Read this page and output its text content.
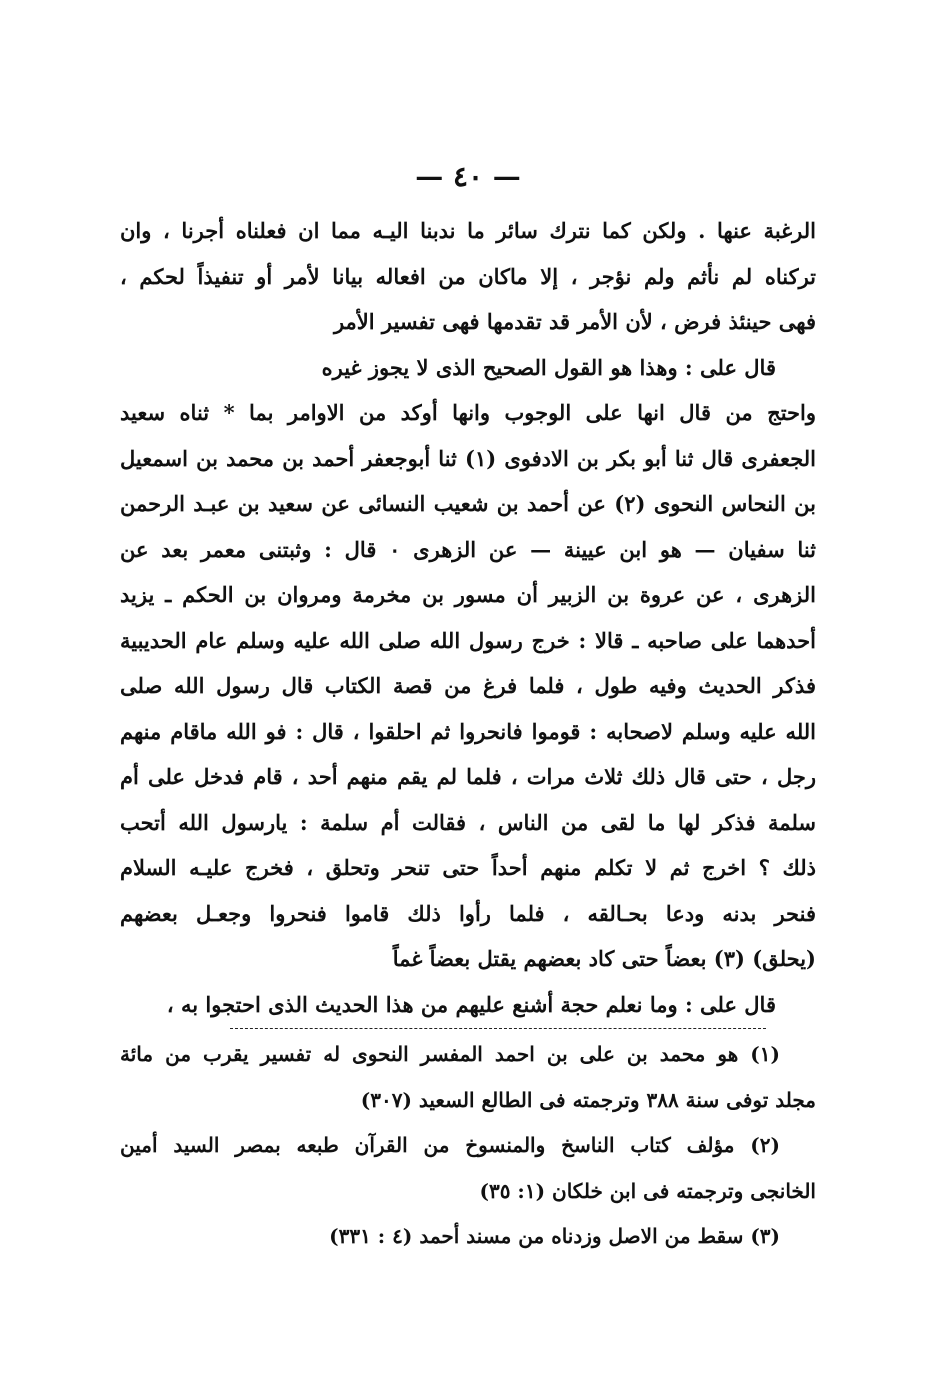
— ٤٠ —
الرغبة عنها . ولكن كما نترك سائر ما ندبنا اليـه مما ان فعلناه أجرنا ، وان
تركناه لم نأثم ولم نؤجر ، إلا ماكان من افعاله بيانا لأمر أو تنفيذاً لحكم ،
فهى حينئذ فرض ، لأن الأمر قد تقدمها فهى تفسير الأمر
قال على : وهذا هو القول الصحيح الذى لا يجوز غيره
واحتج من قال انها على الوجوب وانها أوكد من الاوامر بما * ثناه سعيد
الجعفرى قال ثنا أبو بكر بن الادفوى (١) ثنا أبوجعفر أحمد بن محمد بن اسمعيل
بن النحاس النحوى (٢) عن أحمد بن شعيب النسائى عن سعيد بن عبـد الرحمن
ثنا سفيان — هو ابن عيينة — عن الزهرى ٠ قال : وثبتنى معمر بعد عن
الزهرى ، عن عروة بن الزبير أن مسور بن مخرمة ومروان بن الحكم ـ يزيد
أحدهما على صاحبه ـ قالا : خرج رسول الله صلى الله عليه وسلم عام الحديبية
فذكر الحديث وفيه طول ، فلما فرغ من قصة الكتاب قال رسول الله صلى
الله عليه وسلم لاصحابه : قوموا فانحروا ثم احلقوا ، قال : فو الله ماقام منهم
رجل ، حتى قال ذلك ثلاث مرات ، فلما لم يقم منهم أحد ، قام فدخل على أم
سلمة فذكر لها ما لقى من الناس ، فقالت أم سلمة : يارسول الله أتحب
ذلك ؟ اخرج ثم لا تكلم منهم أحداً حتى تنحر وتحلق ، فخرج عليـه السلام
فنحر بدنه ودعا بحـالقه ، فلما رأوا ذلك قاموا فنحروا وجعـل بعضهم
(يحلق) (٣) بعضاً حتى كاد بعضهم يقتل بعضاً غماً
قال على : وما نعلم حجة أشنع عليهم من هذا الحديث الذى احتجوا به ،
(١) هو محمد بن على بن احمد المفسر النحوى له تفسير يقرب من مائة
مجلد توفى سنة ٣٨٨ وترجمته فى الطالع السعيد (٣٠٧)
(٢) مؤلف كتاب الناسخ والمنسوخ من القرآن طبعه بمصر السيد أمين
الخانجى وترجمته فى ابن خلكان (١: ٣٥)
(٣) سقط من الاصل وزدناه من مسند أحمد (٤ : ٣٣١)
